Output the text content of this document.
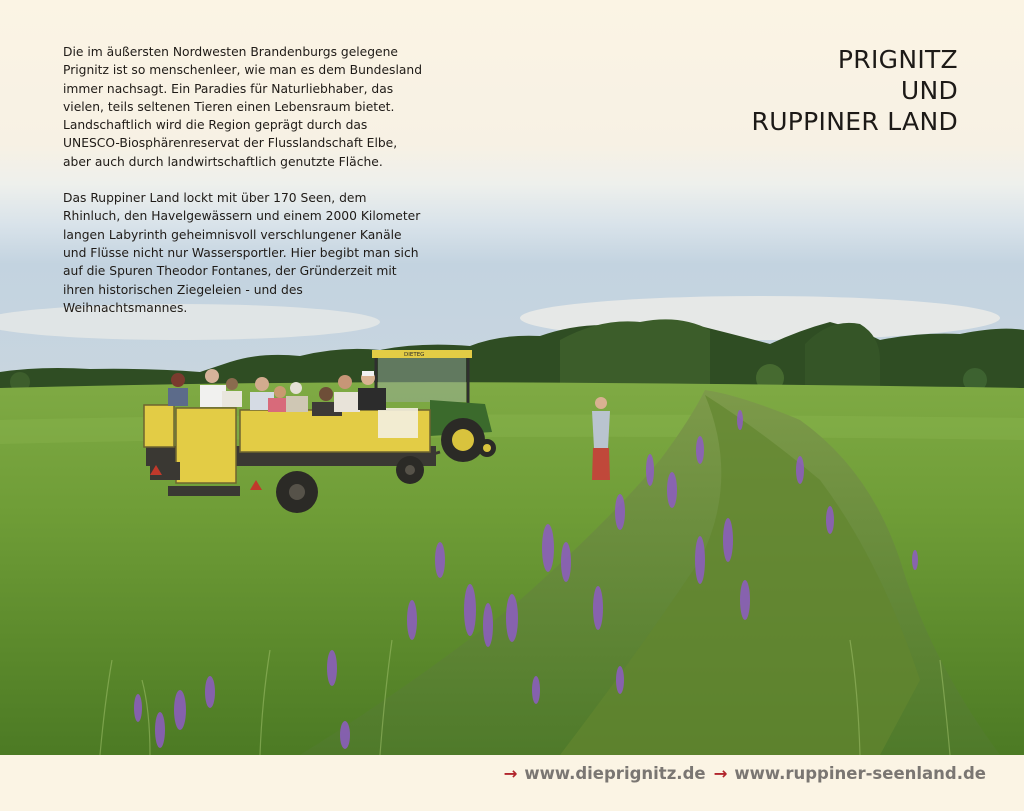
DIETEG

Die im äußersten Nordwesten Brandenburgs gelegene Prignitz ist so menschenleer, wie man es dem Bundesland immer nachsagt. Ein Paradies für Naturliebhaber, das vielen, teils seltenen Tieren einen Lebensraum bietet. Landschaftlich wird die Region geprägt durch das UNESCO-Biosphärenreservat der Flusslandschaft Elbe, aber auch durch landwirtschaftlich genutzte Fläche.

Das Ruppiner Land lockt mit über 170 Seen, dem Rhinluch, den Havelgewässern und einem 2000 Kilometer langen Labyrinth geheimnisvoll verschlungener Kanäle und Flüsse nicht nur Wassersportler. Hier begibt man sich auf die Spuren Theodor Fontanes, der Gründerzeit mit ihren historischen Ziegeleien - und des Weihnachtsmannes.

PRIGNITZ
UND
RUPPINER LAND
→ www.dieprignitz.de → www.ruppiner-seenland.de
